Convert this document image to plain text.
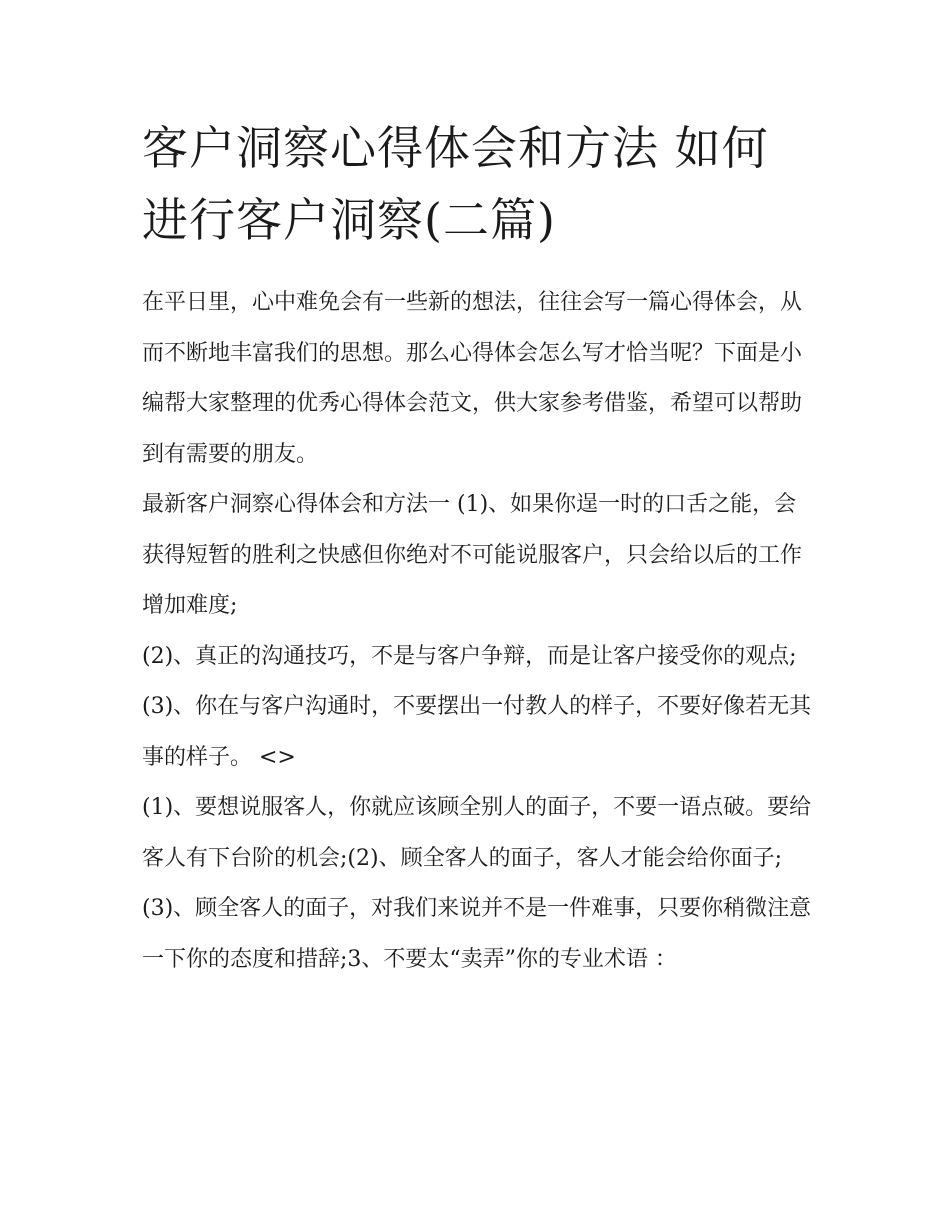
客户洞察心得体会和方法 如何进行客户洞察(二篇)

在平日里，心中难免会有一些新的想法，往往会写一篇心得体会，从而不断地丰富我们的思想。那么心得体会怎么写才恰当呢？下面是小编帮大家整理的优秀心得体会范文，供大家参考借鉴，希望可以帮助到有需要的朋友。

最新客户洞察心得体会和方法一 (1)、如果你逞一时的口舌之能，会获得短暂的胜利之快感但你绝对不可能说服客户，只会给以后的工作增加难度;

(2)、真正的沟通技巧，不是与客户争辩，而是让客户接受你的观点; (3)、你在与客户沟通时，不要摆出一付教人的样子，不要好像若无其事的样子。 <>

(1)、要想说服客人，你就应该顾全别人的面子，不要一语点破。要给客人有下台阶的机会;(2)、顾全客人的面子，客人才能会给你面子;

(3)、顾全客人的面子，对我们来说并不是一件难事，只要你稍微注意一下你的态度和措辞;3、不要太“卖弄”你的专业术语 ：
